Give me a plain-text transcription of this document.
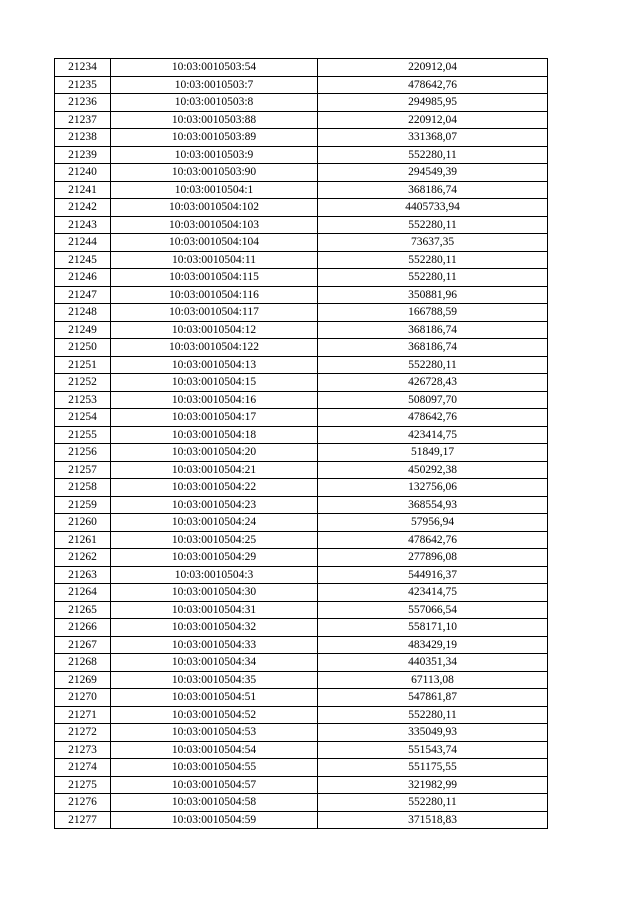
21234	10:03:0010503:54	220912,04
21235	10:03:0010503:7	478642,76
21236	10:03:0010503:8	294985,95
21237	10:03:0010503:88	220912,04
21238	10:03:0010503:89	331368,07
21239	10:03:0010503:9	552280,11
21240	10:03:0010503:90	294549,39
21241	10:03:0010504:1	368186,74
21242	10:03:0010504:102	4405733,94
21243	10:03:0010504:103	552280,11
21244	10:03:0010504:104	73637,35
21245	10:03:0010504:11	552280,11
21246	10:03:0010504:115	552280,11
21247	10:03:0010504:116	350881,96
21248	10:03:0010504:117	166788,59
21249	10:03:0010504:12	368186,74
21250	10:03:0010504:122	368186,74
21251	10:03:0010504:13	552280,11
21252	10:03:0010504:15	426728,43
21253	10:03:0010504:16	508097,70
21254	10:03:0010504:17	478642,76
21255	10:03:0010504:18	423414,75
21256	10:03:0010504:20	51849,17
21257	10:03:0010504:21	450292,38
21258	10:03:0010504:22	132756,06
21259	10:03:0010504:23	368554,93
21260	10:03:0010504:24	57956,94
21261	10:03:0010504:25	478642,76
21262	10:03:0010504:29	277896,08
21263	10:03:0010504:3	544916,37
21264	10:03:0010504:30	423414,75
21265	10:03:0010504:31	557066,54
21266	10:03:0010504:32	558171,10
21267	10:03:0010504:33	483429,19
21268	10:03:0010504:34	440351,34
21269	10:03:0010504:35	67113,08
21270	10:03:0010504:51	547861,87
21271	10:03:0010504:52	552280,11
21272	10:03:0010504:53	335049,93
21273	10:03:0010504:54	551543,74
21274	10:03:0010504:55	551175,55
21275	10:03:0010504:57	321982,99
21276	10:03:0010504:58	552280,11
21277	10:03:0010504:59	371518,83
